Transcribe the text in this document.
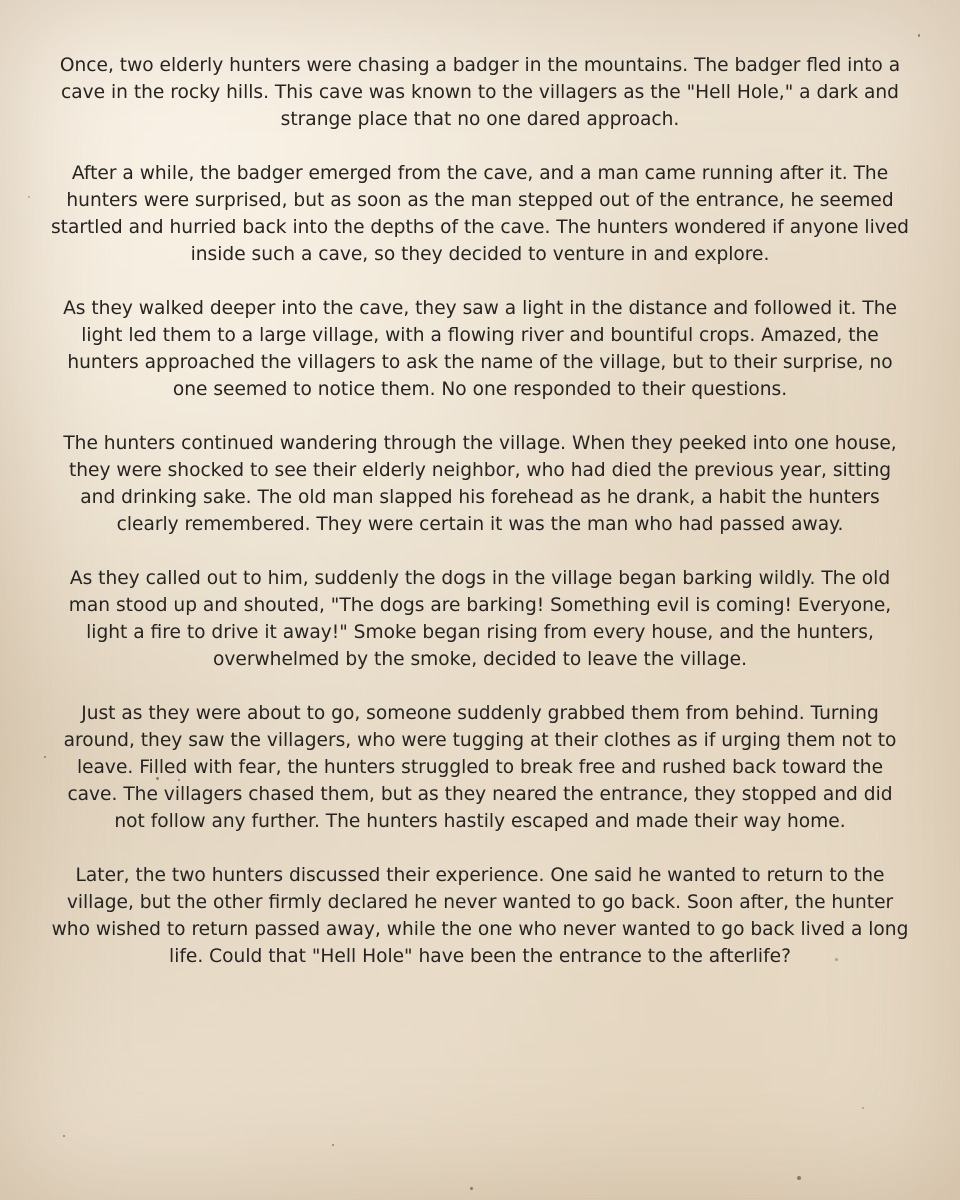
Once, two elderly hunters were chasing a badger in the mountains. The badger fled into a cave in the rocky hills. This cave was known to the villagers as the "Hell Hole," a dark and strange place that no one dared approach.

After a while, the badger emerged from the cave, and a man came running after it. The hunters were surprised, but as soon as the man stepped out of the entrance, he seemed startled and hurried back into the depths of the cave. The hunters wondered if anyone lived inside such a cave, so they decided to venture in and explore.

As they walked deeper into the cave, they saw a light in the distance and followed it. The light led them to a large village, with a flowing river and bountiful crops. Amazed, the hunters approached the villagers to ask the name of the village, but to their surprise, no one seemed to notice them. No one responded to their questions.

The hunters continued wandering through the village. When they peeked into one house, they were shocked to see their elderly neighbor, who had died the previous year, sitting and drinking sake. The old man slapped his forehead as he drank, a habit the hunters clearly remembered. They were certain it was the man who had passed away.

As they called out to him, suddenly the dogs in the village began barking wildly. The old man stood up and shouted, "The dogs are barking! Something evil is coming! Everyone, light a fire to drive it away!" Smoke began rising from every house, and the hunters, overwhelmed by the smoke, decided to leave the village.

Just as they were about to go, someone suddenly grabbed them from behind. Turning around, they saw the villagers, who were tugging at their clothes as if urging them not to leave. Filled with fear, the hunters struggled to break free and rushed back toward the cave. The villagers chased them, but as they neared the entrance, they stopped and did not follow any further. The hunters hastily escaped and made their way home.

Later, the two hunters discussed their experience. One said he wanted to return to the village, but the other firmly declared he never wanted to go back. Soon after, the hunter who wished to return passed away, while the one who never wanted to go back lived a long life. Could that "Hell Hole" have been the entrance to the afterlife?
